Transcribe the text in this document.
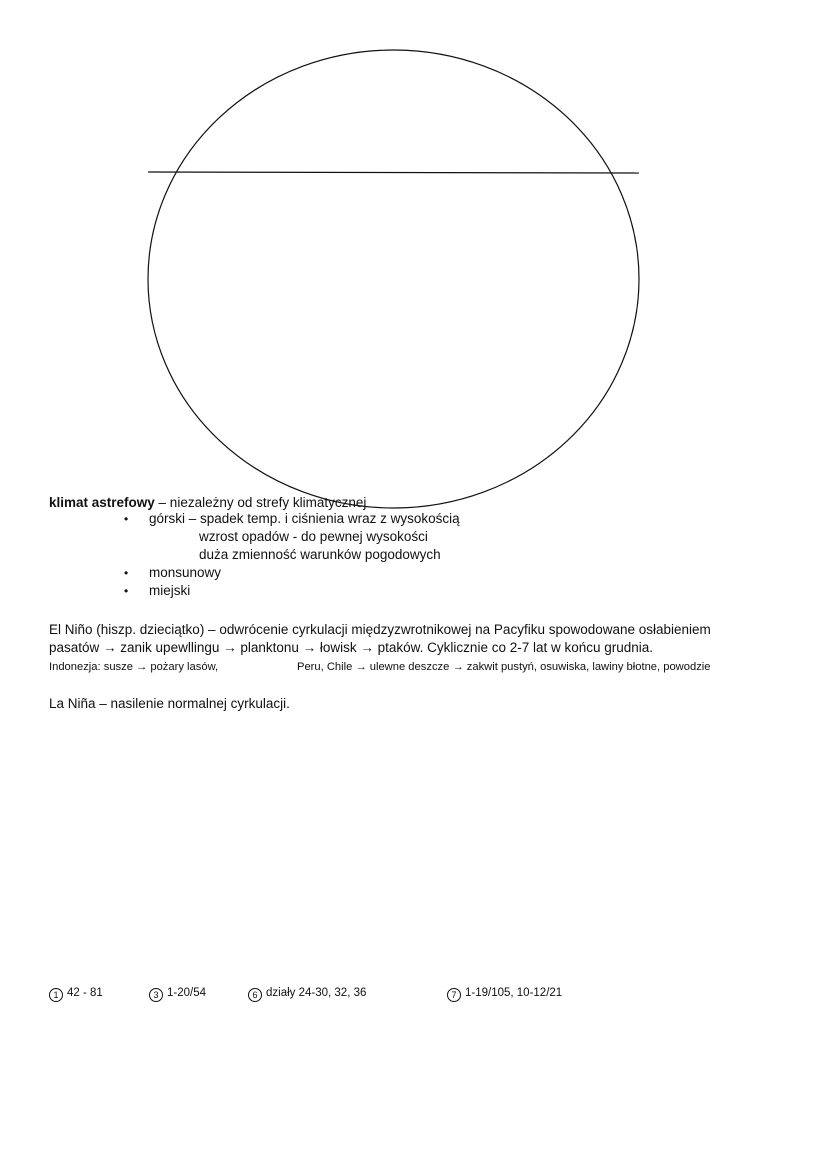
klimat astrefowy – niezależny od strefy klimatycznej
• górski – spadek temp. i ciśnienia wraz z wysokością
wzrost opadów - do pewnej wysokości
duża zmienność warunków pogodowych
• monsunowy
• miejski
El Niño (hiszp. dzieciątko) – odwrócenie cyrkulacji międzyzwrotnikowej na Pacyfiku spowodowane osłabieniem
pasatów → zanik upewllingu → planktonu → łowisk → ptaków. Cyklicznie co 2-7 lat w końcu grudnia.
Indonezja: susze → pożary lasów,	Peru, Chile → ulewne deszcze → zakwit pustyń, osuwiska, lawiny błotne, powodzie
La Niña – nasilenie normalnej cyrkulacji.
1 42 - 81	3 1-20/54	6 działy 24-30, 32, 36	7 1-19/105, 10-12/21
